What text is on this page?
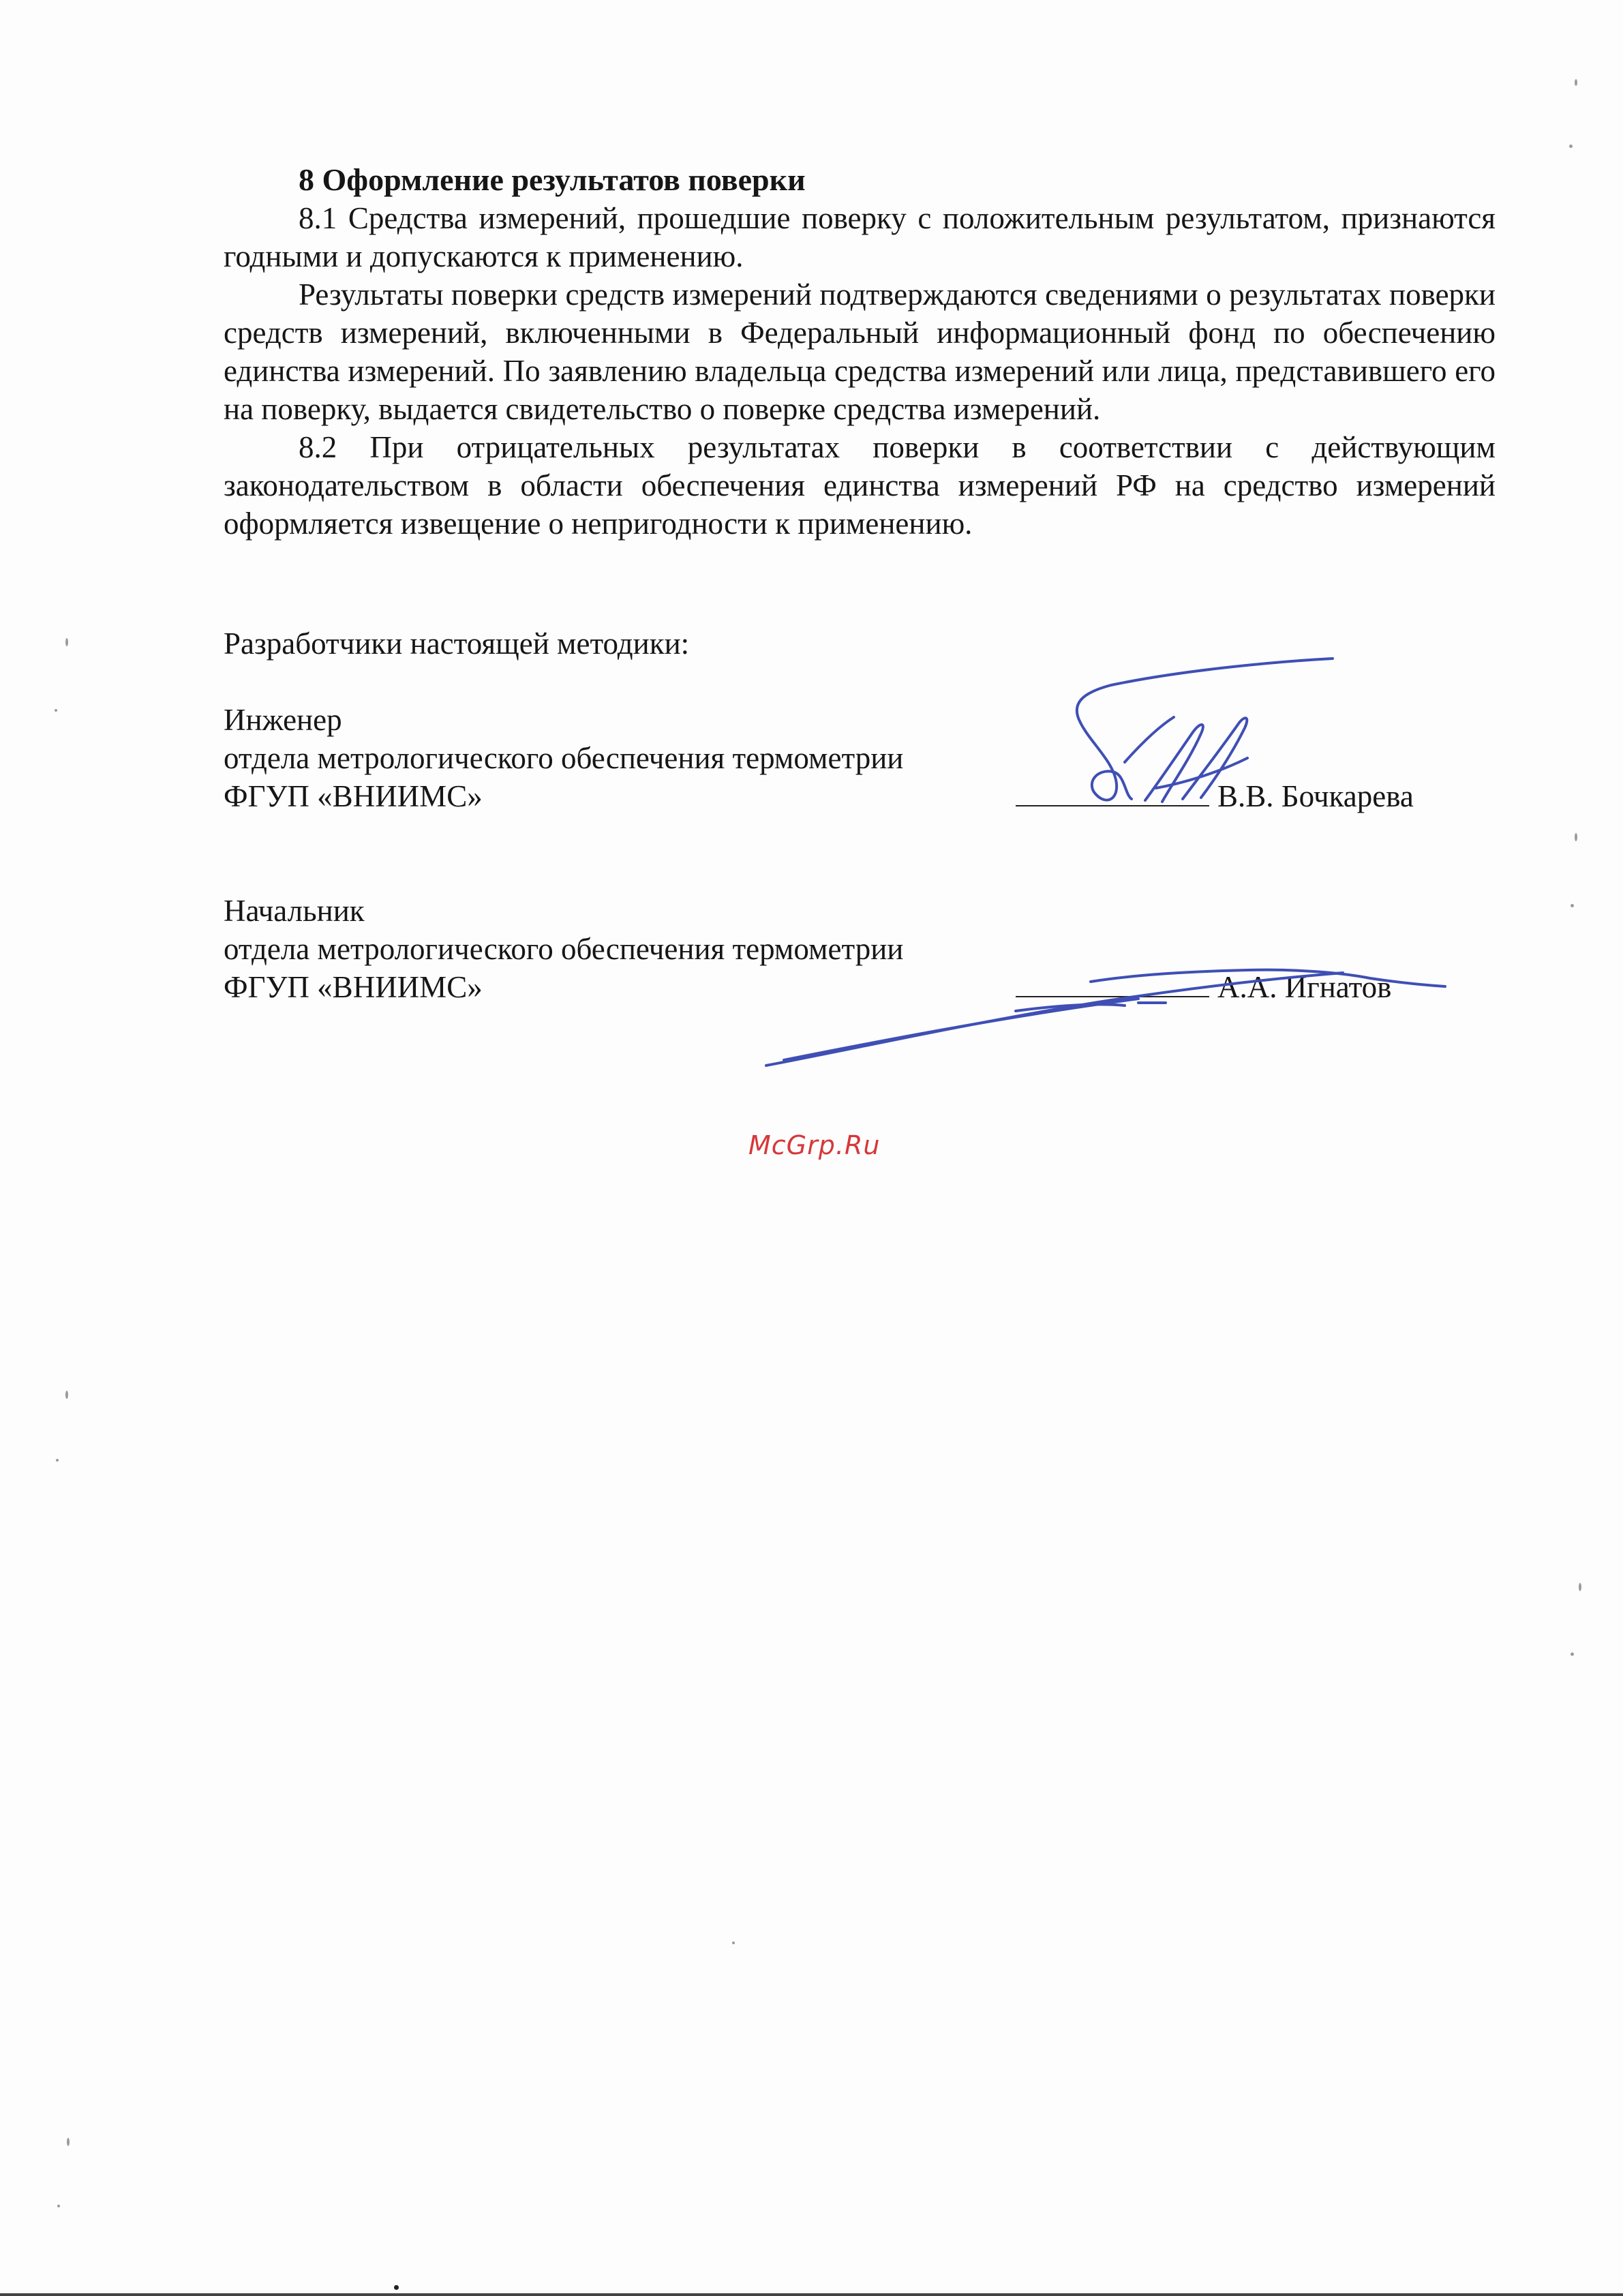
8 Оформление результатов поверки

8.1 Средства измерений, прошедшие поверку с положительным результатом, признаются годными и допускаются к применению.

Результаты поверки средств измерений подтверждаются сведениями о результатах поверки средств измерений, включенными в Федеральный информационный фонд по обеспечению единства измерений. По заявлению владельца средства измерений или лица, представившего его на поверку, выдается свидетельство о поверке средства измерений.

8.2 При отрицательных результатах поверки в соответствии с действующим законодательством в области обеспечения единства измерений РФ на средство измерений оформляется извещение о непригодности к применению.

Разработчики настоящей методики:

Инженер
отдела метрологического обеспечения термометрии
ФГУП «ВНИИМС»	В.В. Бочкарева
Начальник
отдела метрологического обеспечения термометрии
ФГУП «ВНИИМС»	А.А. Игнатов
McGrp.Ru
